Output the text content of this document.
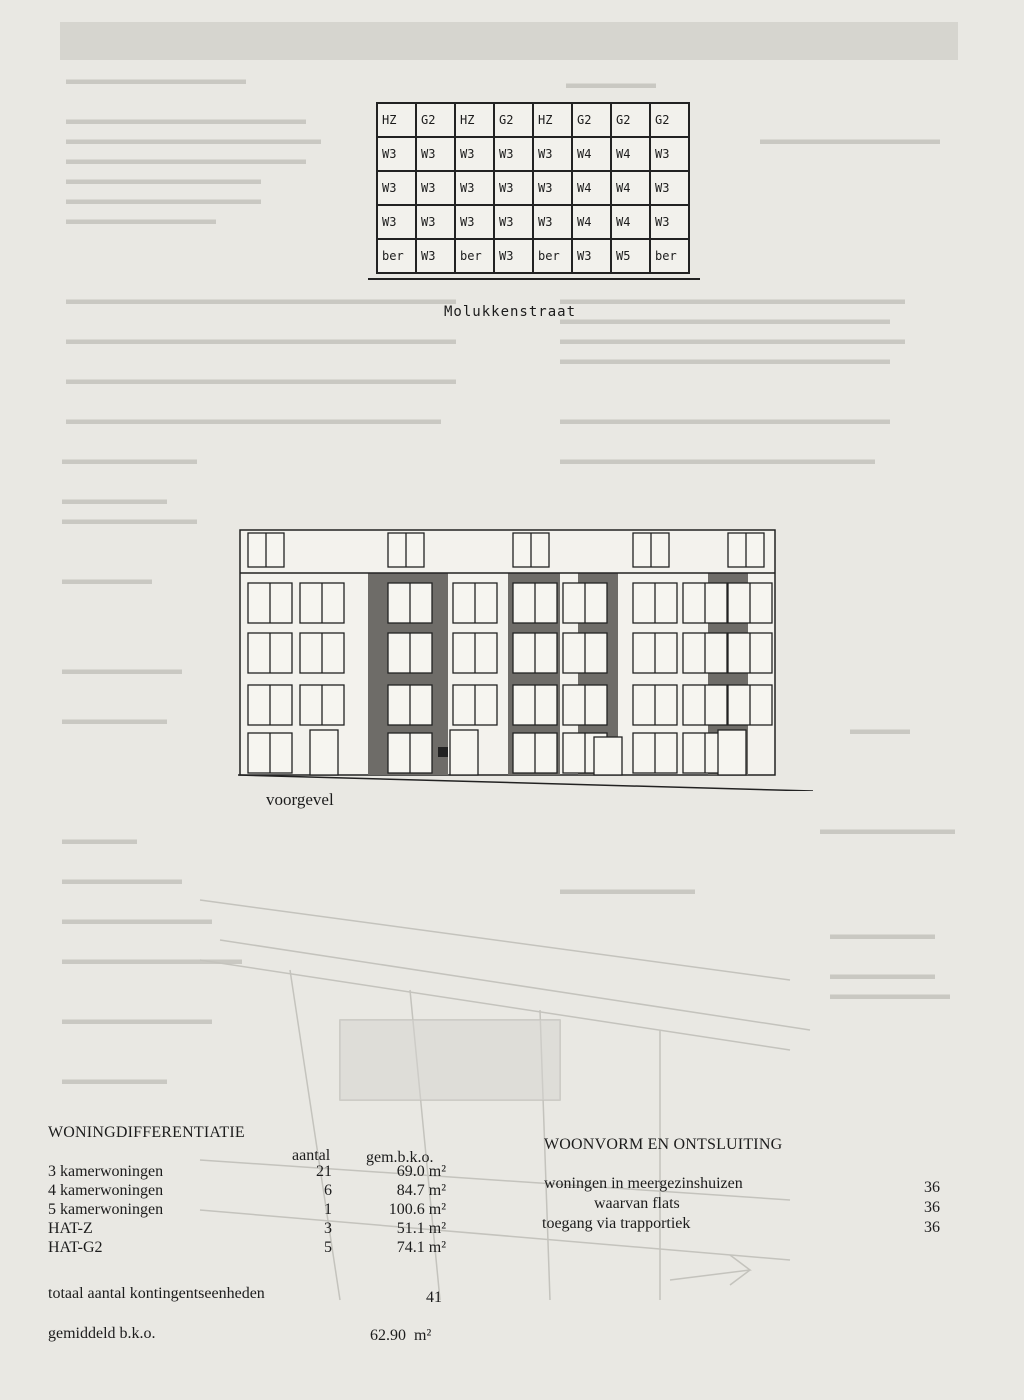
▬▬▬▬▬▬▬▬▬▬▬▬
▬▬▬▬▬▬▬▬▬▬▬▬▬▬▬▬
▬▬▬▬▬▬▬▬▬▬▬▬▬▬▬▬▬
▬▬▬▬▬▬▬▬▬▬▬▬▬▬▬▬
▬▬▬▬▬▬▬▬▬▬▬▬▬
▬▬▬▬▬▬▬▬▬▬▬▬▬
▬▬▬▬▬▬▬▬▬▬
▬▬▬▬▬▬
▬▬▬▬▬▬▬▬▬▬▬▬
▬▬▬▬▬▬▬▬▬▬▬▬▬▬▬▬▬▬▬▬▬▬▬
▬▬▬▬▬▬▬▬▬▬▬▬▬▬▬▬▬▬▬▬▬▬
▬▬▬▬▬▬▬▬▬▬▬▬▬▬▬▬▬▬▬▬▬▬▬
▬▬▬▬▬▬▬▬▬▬▬▬▬▬▬▬▬▬▬▬▬▬
▬▬▬▬▬▬▬▬▬▬▬▬▬▬▬▬▬▬▬▬▬▬
▬▬▬▬▬▬▬▬▬▬▬▬▬▬▬▬▬▬▬▬▬
▬▬▬▬▬▬▬▬▬▬▬▬▬▬▬▬▬▬▬▬▬▬▬▬▬▬
▬▬▬▬▬▬▬▬▬▬▬▬▬▬▬▬▬▬▬▬▬▬▬▬▬▬
▬▬▬▬▬▬▬▬▬▬▬▬▬▬▬▬▬▬▬▬▬▬▬▬▬▬
▬▬▬▬▬▬▬▬▬▬▬▬▬▬▬▬▬▬▬▬▬▬▬▬▬
▬▬▬▬▬▬▬▬▬
▬▬▬▬▬▬▬
▬▬▬▬▬▬▬▬▬
▬▬▬▬▬▬
▬▬▬▬▬▬▬▬
▬▬▬▬▬▬▬
▬▬▬▬▬
▬▬▬▬▬▬▬▬
▬▬▬▬▬▬▬▬▬▬
▬▬▬▬▬▬▬▬▬▬▬▬
▬▬▬▬▬▬▬▬▬▬
▬▬▬▬▬▬▬
▬▬▬▬▬▬▬▬▬
▬▬▬▬▬▬▬
▬▬▬▬▬▬▬
▬▬▬▬▬▬▬▬
▬▬▬▬
▬▬▬▬▬▬▬▬▬
HZ	G2	HZ	G2	HZ	G2	G2	G2
W3	W3	W3	W3	W3	W4	W4	W3
W3	W3	W3	W3	W3	W4	W4	W3
W3	W3	W3	W3	W3	W4	W4	W3
ber	W3	ber	W3	ber	W3	W5	ber
Molukkenstraat
voorgevel
WONINGDIFFERENTIATIE
aantal gem.b.k.o.
3 kamerwoningen	21	69.0 m²
4 kamerwoningen	6	84.7 m²
5 kamerwoningen	1	100.6 m²
HAT-Z	3	51.1 m²
HAT-G2	5	74.1 m²
totaal aantal kontingentseenheden	41
gemiddeld b.k.o.	62.90 m²
WOONVORM EN ONTSLUITING
woningen in meergezinshuizen	36
waarvan flats	36
toegang via trapportiek	36
